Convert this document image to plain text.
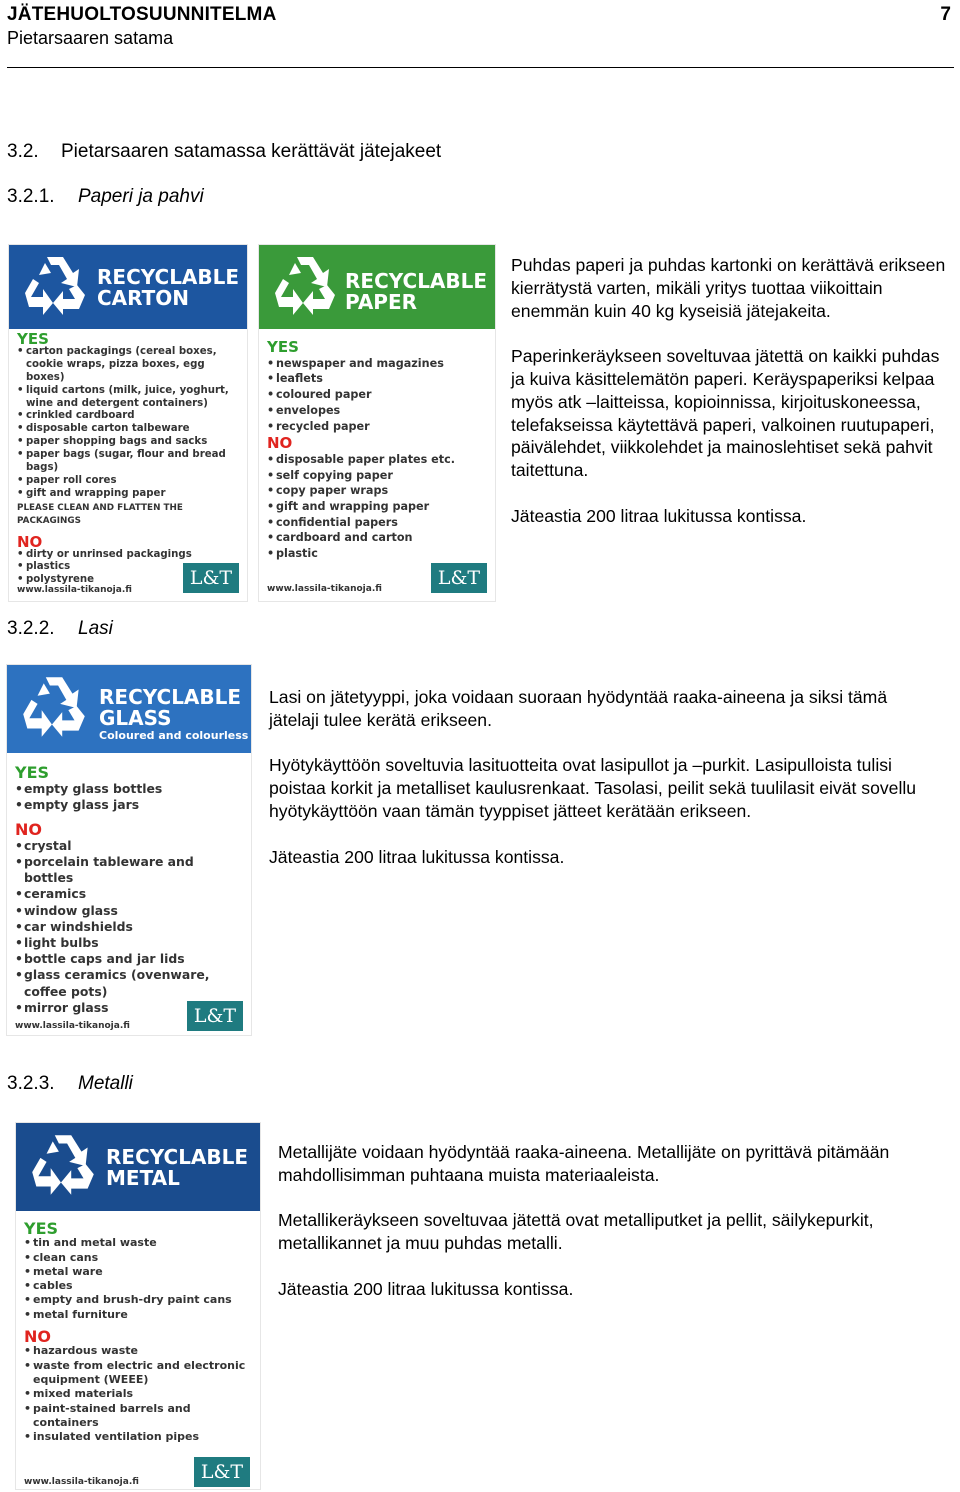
JÄTEHUOLTOSUUNNITELMA
Pietarsaaren satama
7
3.2. Pietarsaaren satamassa kerättävät jätejakeet
3.2.1. Paperi ja pahvi
RECYCLABLE
CARTON
YES
• carton packagings (cereal boxes, cookie wraps, pizza boxes, egg boxes)
• liquid cartons (milk, juice, yoghurt, wine and detergent containers)
• crinkled cardboard
• disposable carton talbeware
• paper shopping bags and sacks
• paper bags (sugar, flour and bread bags)
• paper roll cores
• gift and wrapping paper
PLEASE CLEAN AND FLATTEN THE PACKAGINGS
NO
• dirty or unrinsed packagings
• plastics
• polystyrene
www.lassila-tikanoja.fi
L&T
RECYCLABLE
PAPER
YES
• newspaper and magazines
• leaflets
• coloured paper
• envelopes
• recycled paper
NO
• disposable paper plates etc.
• self copying paper
• copy paper wraps
• gift and wrapping paper
• confidential papers
• cardboard and carton
• plastic
www.lassila-tikanoja.fi	L&T

Puhdas paperi ja puhdas kartonki on kerättävä erikseen kierrätystä varten, mikäli yritys tuottaa viikoittain enemmän kuin 40 kg kyseisiä jätejakeita.

Paperinkeräykseen soveltuvaa jätettä on kaikki puhdas ja kuiva käsittelemätön paperi. Keräyspaperiksi kelpaa myös atk –laitteissa, kopioinnissa, kirjoituskoneessa, telefakseissa käytettävä paperi, valkoinen ruutupaperi, päivälehdet, viikkolehdet ja mainoslehtiset sekä pahvit taitettuna.

Jäteastia 200 litraa lukitussa kontissa.

3.2.2. Lasi
RECYCLABLE
GLASS
Coloured and colourless
YES
• empty glass bottles
• empty glass jars
NO
• crystal
• porcelain tableware and bottles
• ceramics
• window glass
• car windshields
• light bulbs
• bottle caps and jar lids
• glass ceramics (ovenware, coffee pots)
• mirror glass
www.lassila-tikanoja.fi	L&T

Lasi on jätetyyppi, joka voidaan suoraan hyödyntää raaka-aineena ja siksi tämä jätelaji tulee kerätä erikseen.

Hyötykäyttöön soveltuvia lasituotteita ovat lasipullot ja –purkit. Lasipulloista tulisi poistaa korkit ja metalliset kaulusrenkaat. Tasolasi, peilit sekä tuulilasit eivät sovellu hyötykäyttöön vaan tämän tyyppiset jätteet kerätään erikseen.

Jäteastia 200 litraa lukitussa kontissa.

3.2.3. Metalli
RECYCLABLE
METAL
YES
• tin and metal waste
• clean cans
• metal ware
• cables
• empty and brush-dry paint cans
• metal furniture
NO
• hazardous waste
• waste from electric and electronic equipment (WEEE)
• mixed materials
• paint-stained barrels and containers
• insulated ventilation pipes
www.lassila-tikanoja.fi	L&T

Metallijäte voidaan hyödyntää raaka-aineena. Metallijäte on pyrittävä pitämään mahdollisimman puhtaana muista materiaaleista.

Metallikeräykseen soveltuvaa jätettä ovat metalliputket ja pellit, säilykepurkit, metallikannet ja muu puhdas metalli.

Jäteastia 200 litraa lukitussa kontissa.
